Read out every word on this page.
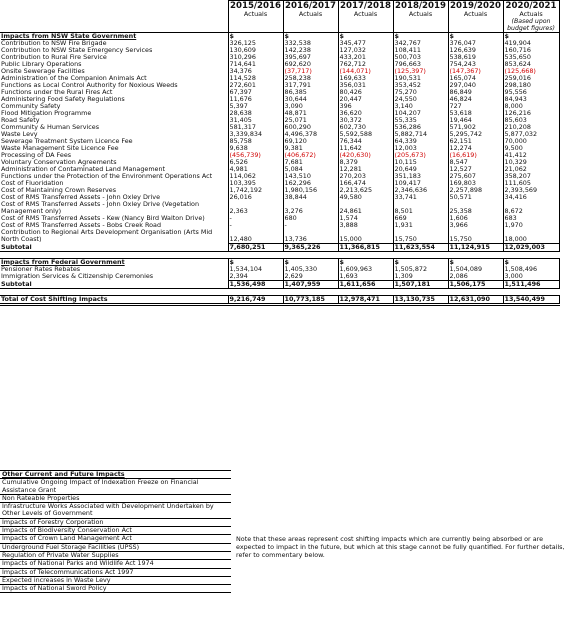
	2015/2016	2016/2017	2017/2018	2018/2019	2019/2020	2020/2021
	Actuals	Actuals	Actuals	Actuals	Actuals	Actuals
						(Based upon budget figures)
Impacts from NSW State Government	$	$	$	$	$	$
Contribution to NSW Fire Brigade	326,125	332,538	345,477	342,767	376,047	419,904
Contribution to NSW State Emergency Services	130,609	142,238	127,032	108,411	126,639	160,716
Contribution to Rural Fire Service	310,296	395,697	433,201	500,703	538,619	535,650
Public Library Operations	714,641	692,620	762,712	796,663	754,243	853,624
Onsite Sewerage Facilities	34,376	(37,717)	(144,071)	(125,397)	(147,367)	(125,668)
Administration of the Companion Animals Act	114,528	258,238	169,633	190,531	165,074	259,016
Functions as Local Control Authority for Noxious Weeds	272,601	317,791	356,031	353,452	297,040	298,180
Functions under the Rural Fires Act	67,397	86,385	80,426	75,270	86,849	95,556
Administering Food Safety Regulations	11,676	30,644	20,447	24,550	46,824	84,943
Community Safety	5,397	3,090	396	3,140	727	8,000
Flood Mitigation Programme	28,638	48,871	36,620	104,207	53,618	126,216
Road Safety	31,405	25,071	30,372	55,335	19,464	85,603
Community & Human Services	581,317	600,290	602,730	536,286	571,902	210,208
Waste Levy	3,339,834	4,496,378	5,592,588	5,882,714	5,295,742	5,877,032
Sewerage Treatment System Licence Fee	85,758	69,120	76,344	64,339	62,151	70,000
Waste Management Site Licence Fee	9,638	9,381	11,642	12,003	12,274	9,500
Processing of DA Fees	(456,739)	(406,672)	(420,630)	(205,673)	(16,619)	41,412
Voluntary Conservation Agreements	6,526	7,681	8,379	10,115	8,547	10,329
Administration of Contaminated Land Management	4,981	5,084	12,281	20,649	12,527	21,062
Functions under the Protection of the Environment Operations Act	114,062	143,510	270,203	351,183	275,607	358,207
Cost of Fluoridation	103,395	162,296	166,474	109,417	169,803	111,605
Cost of Maintaining Crown Reserves	1,742,192	1,980,156	2,213,625	2,346,636	2,257,898	2,393,569
Cost of RMS Transferred Assets - John Oxley Drive	26,016	38,844	49,580	33,741	50,571	34,416
Cost of RMS Transferred Assets - John Oxley Drive (Vegetation Management only)	2,363	3,276	24,861	8,501	25,358	8,672
Cost of RMS Transferred Assets - Kew (Nancy Bird Walton Drive)	-	680	1,574	669	1,606	683
Cost of RMS Transferred Assets - Bobs Creek Road	-	-	3,888	1,931	3,966	1,970
Contribution to Regional Arts Development Organisation (Arts Mid North Coast)	12,480	13,736	15,000	15,750	15,750	18,000
Subtotal	7,680,251	9,365,226	11,366,815	11,623,554	11,124,915	12,029,003

Impacts from Federal Government	$	$	$	$	$	$
Pensioner Rates Rebates	1,534,104	1,405,330	1,609,963	1,505,872	1,504,089	1,508,496
Immigration Services & Citizenship Ceremonies	2,394	2,629	1,693	1,309	2,086	3,000
Subtotal	1,536,498	1,407,959	1,611,656	1,507,181	1,506,175	1,511,496

Total of Cost Shifting Impacts	9,216,749	10,773,185	12,978,471	13,130,735	12,631,090	13,540,499
Other Current and Future Impacts
Cumulative Ongoing Impact of Indexation Freeze on Financial Assistance Grant
Non Rateable Properties
Infrastructure Works Associated with Development Undertaken by Other Levels of Government
Impacts of Forestry Corporation
Impacts of Biodiversity Conservation Act
Impacts of Crown Land Management Act
Underground Fuel Storage Facilities (UPSS)
Regulation of Private Water Supplies
Impacts of National Parks and Wildlife Act 1974
Impacts of Telecommunications Act 1997
Expected increases in Waste Levy
Impacts of National Sword Policy
Note that these areas represent cost shifting impacts which are currently being absorbed or are expected to impact in the future, but which at this stage cannot be fully quantified. For further details, refer to commentary below.
